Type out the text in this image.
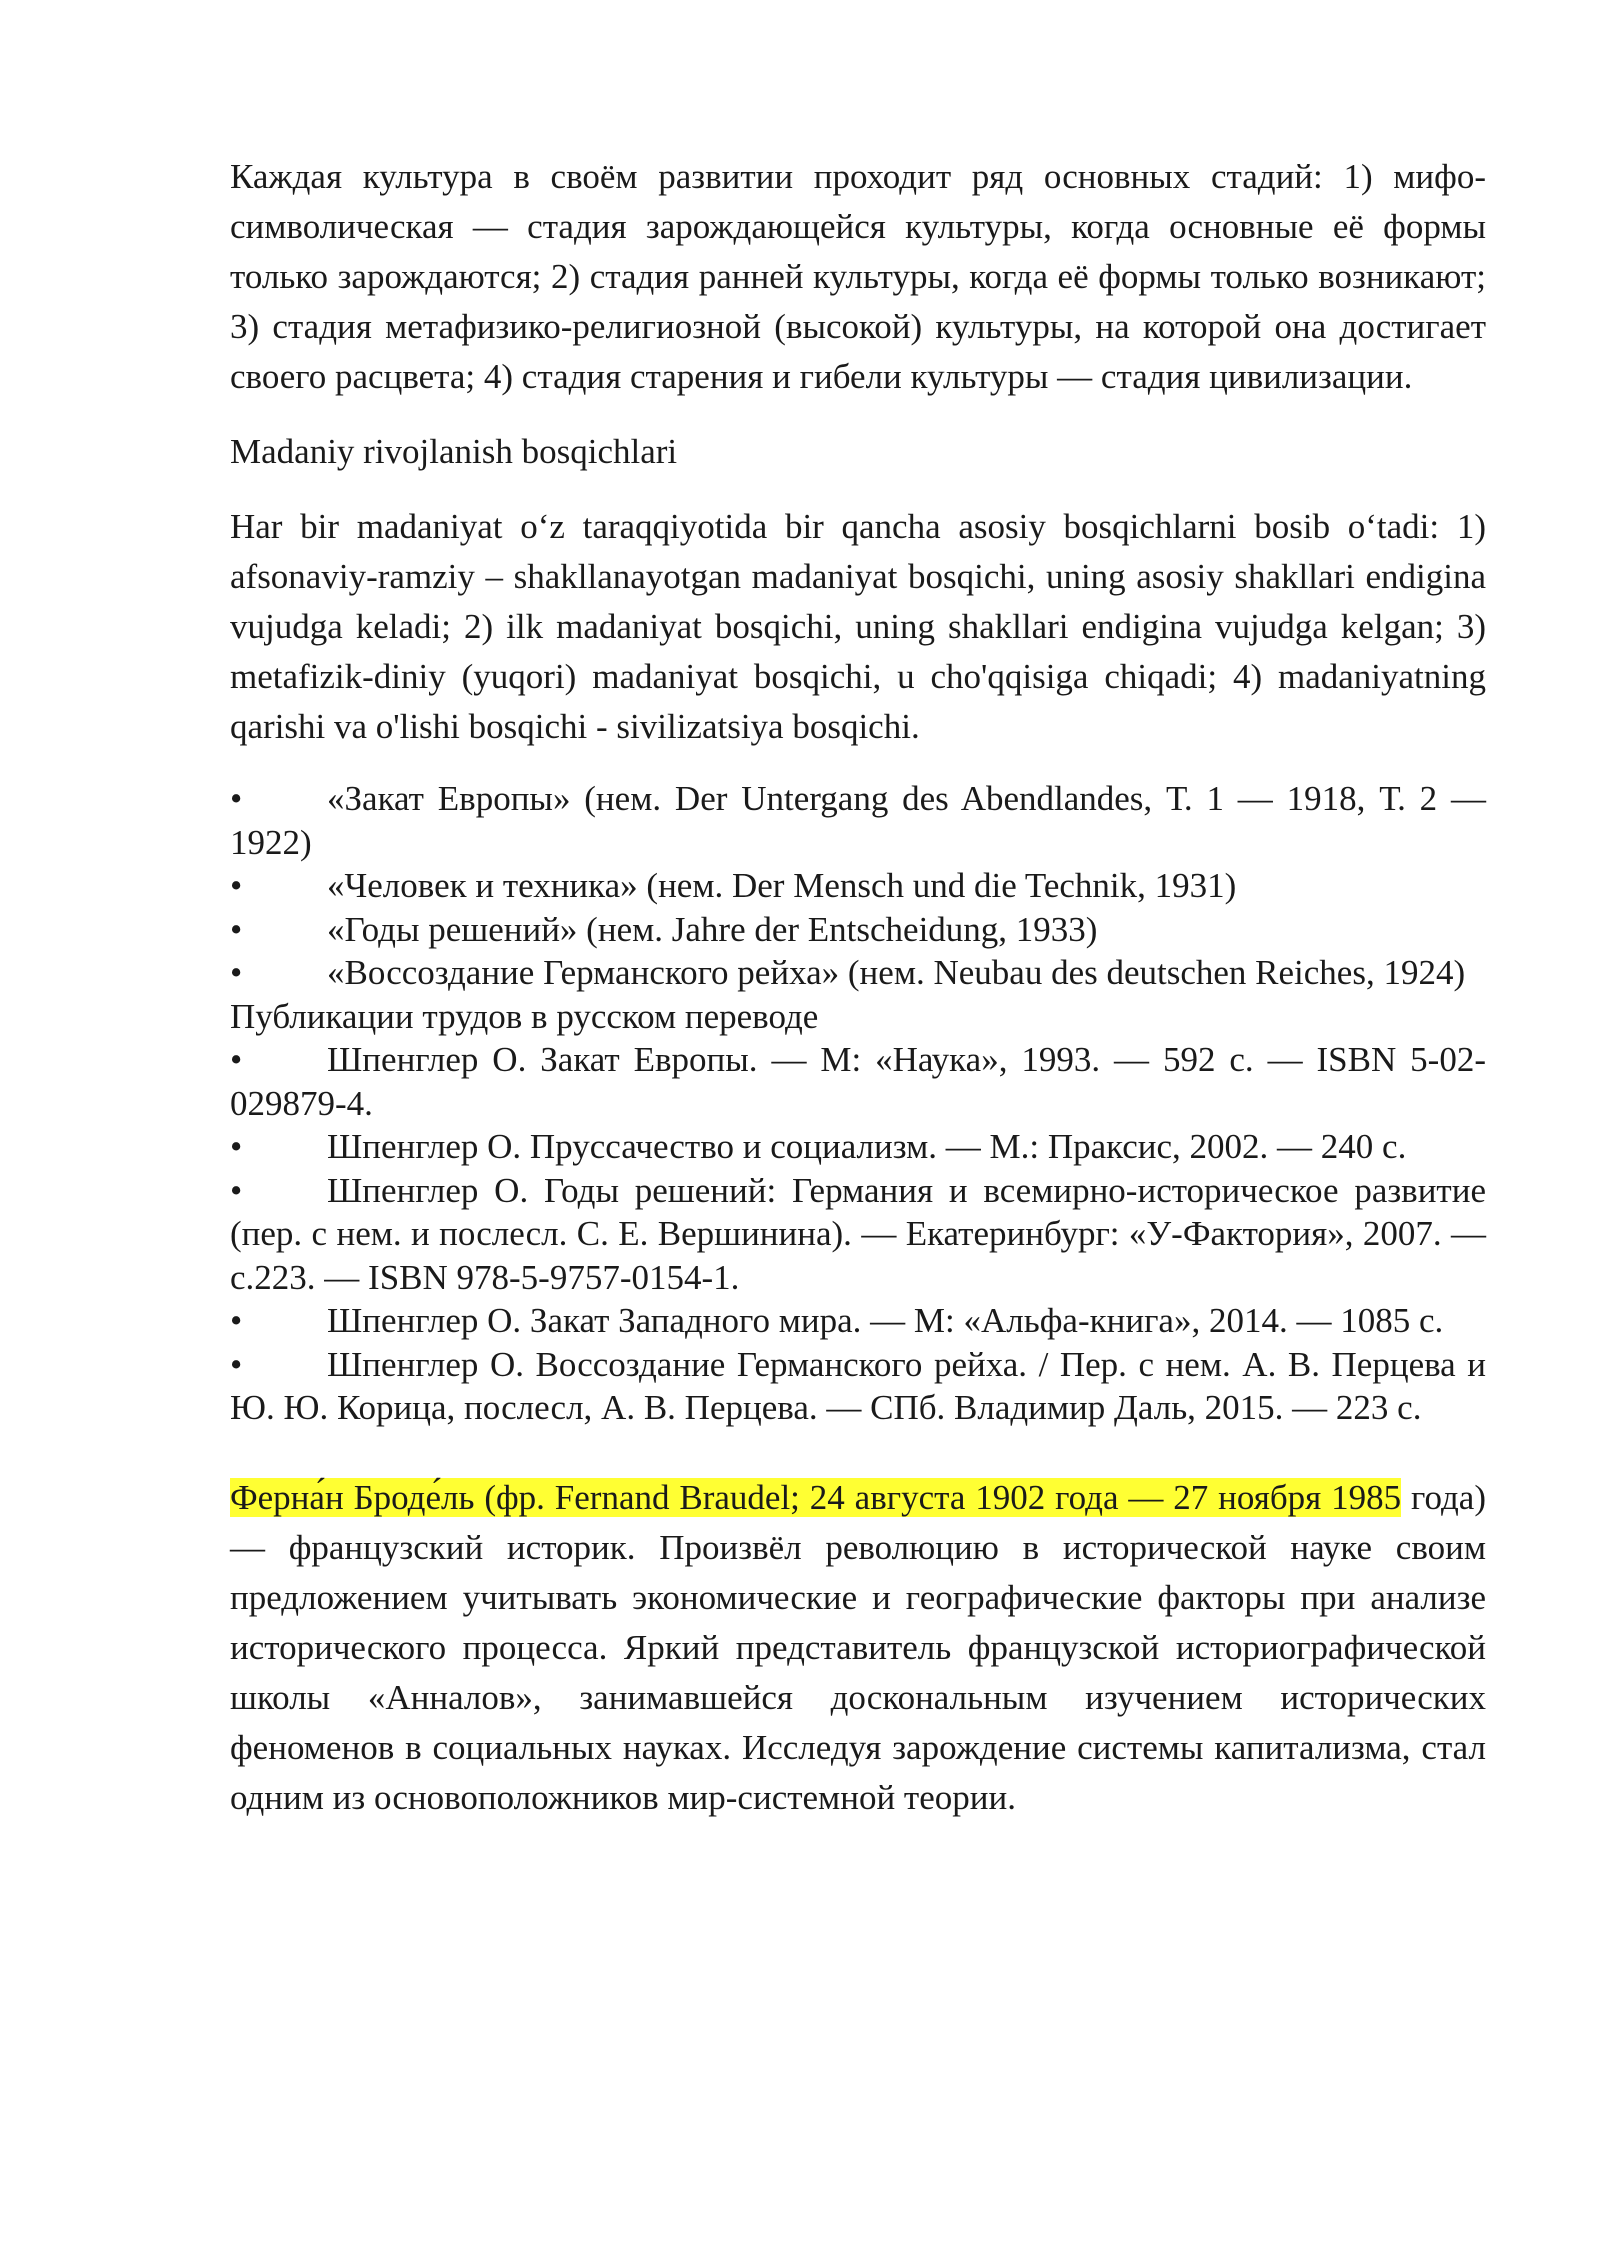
Каждая культура в своём развитии проходит ряд основных стадий: 1) мифо-символическая — стадия зарождающейся культуры, когда основные её формы только зарождаются; 2) стадия ранней культуры, когда её формы только возникают; 3) стадия метафизико-религиозной (высокой) культуры, на которой она достигает своего расцвета; 4) стадия старения и гибели культуры — стадия цивилизации.

Madaniy rivojlanish bosqichlari

Har bir madaniyat oʻz taraqqiyotida bir qancha asosiy bosqichlarni bosib oʻtadi: 1) afsonaviy-ramziy – shakllanayotgan madaniyat bosqichi, uning asosiy shakllari endigina vujudga keladi; 2) ilk madaniyat bosqichi, uning shakllari endigina vujudga kelgan; 3) metafizik-diniy (yuqori) madaniyat bosqichi, u cho'qqisiga chiqadi; 4) madaniyatning qarishi va o'lishi bosqichi - sivilizatsiya bosqichi.

• «Закат Европы» (нем. Der Untergang des Abendlandes, Т. 1 — 1918, Т. 2 — 1922)

• «Человек и техника» (нем. Der Mensch und die Technik, 1931)

• «Годы решений» (нем. Jahre der Entscheidung, 1933)

• «Воссоздание Германского рейха» (нем. Neubau des deutschen Reiches, 1924)

Публикации трудов в русском переводе

• Шпенглер О. Закат Европы. — М: «Наука», 1993. — 592 с. — ISBN 5-02-029879-4.

• Шпенглер О. Пруссачество и социализм. — М.: Праксис, 2002. — 240 с.

• Шпенглер О. Годы решений: Германия и всемирно-историческое развитие (пер. с нем. и послесл. С. Е. Вершинина). — Екатеринбург: «У-Фактория», 2007. — с.223. — ISBN 978-5-9757-0154-1.

• Шпенглер О. Закат Западного мира. — М: «Альфа-книга», 2014. — 1085 с.

• Шпенглер О. Воссоздание Германского рейха. / Пер. с нем. А. В. Перцева и Ю. Ю. Корица, послесл, А. В. Перцева. — СПб. Владимир Даль, 2015. — 223 с.

Ферна́н Броде́ль (фр. Fernand Braudel; 24 августа 1902 года — 27 ноября 1985 года) — французский историк. Произвёл революцию в исторической науке своим предложением учитывать экономические и географические факторы при анализе исторического процесса. Яркий представитель французской историографической школы «Анналов», занимавшейся доскональным изучением исторических феноменов в социальных науках. Исследуя зарождение системы капитализма, стал одним из основоположников мир-системной теории.
